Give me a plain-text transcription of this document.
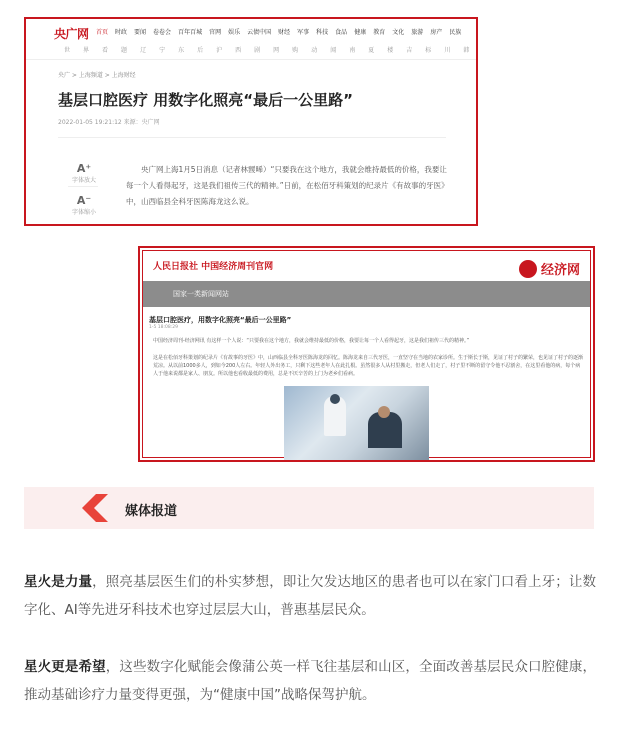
央广网 首页 时政 要闻 卷卷会 百年百城 官网 娱乐 云债中国 财经 军事 科技 食品 健康 教育 文化 旅游 房产 民族
世 界 看 题 辽 宁 东 后 沪 西 剧 网 购 动 闻 南 夏 楼 吉 标 川 韩
央广 > 上海频道 > 上海财经
基层口腔医疗 用数字化照亮“最后一公里路”
2022-01-05 19:21:12 来源：央广网
A⁺
字体放大
A⁻
字体缩小
央广网上海1月5日消息（记者林靉晞）“只要我在这个地方，我就会维持最低的价格，我要让每一个人看得起牙，这是我们祖传三代的精神。”日前，在松佰牙科策划的纪录片《有故事的牙医》中，山西临县全科牙医陈海龙这么说。
人民日报社 中国经济周刊官网	经济网
国家一类新闻网站
基层口腔医疗，用数字化照亮“最后一公里路”
1-5 18:08:29
中国经济周刊-经济网讯 有这样一个人说：“只要我在这个地方，我就会维持最低的价格，我要让每一个人看得起牙，这是我们祖传三代的精神。”
这是在松佰牙科策划的纪录片《有故事的牙医》中，山西临县全科牙医陈海龙的回忆。陈海龙来自三代牙医，一直坚守在当地的农家诊所。生于斯长于斯，见证了村子的繁荣，也见证了村子的逐渐荒凉。从以前1000多人，到如今200人左右。年轻人外出务工，只剩下这些老年人在此扎根。虽然很多人从村里搬走，但老人们走了，村子里不断的留守令他不忍割舍，在这里看他的病，每个病人于他来说都是家人、朋友。所以他也看收最低的费用，总是不厌辛苦的上门为老乡们看病。
媒体报道
星火是力量，照亮基层医生们的朴实梦想，即让欠发达地区的患者也可以在家门口看上牙；让数字化、AI等先进牙科技术也穿过层层大山，普惠基层民众。
星火更是希望，这些数字化赋能会像蒲公英一样飞往基层和山区，全面改善基层民众口腔健康，推动基础诊疗力量变得更强，为“健康中国”战略保驾护航。
